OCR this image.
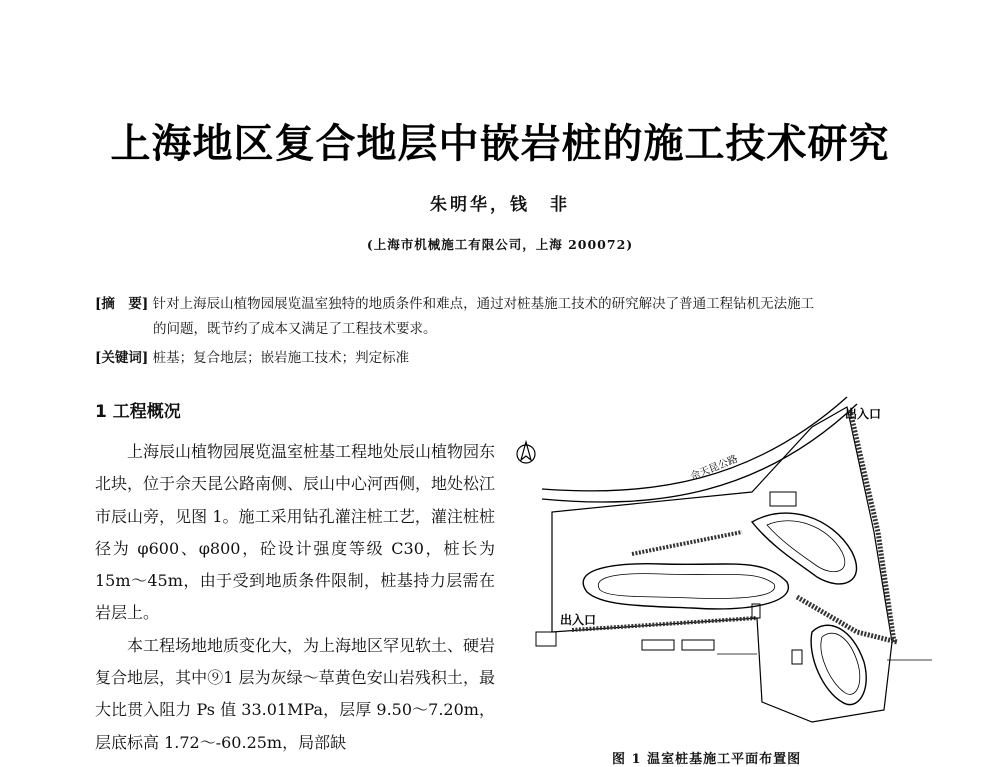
上海地区复合地层中嵌岩桩的施工技术研究
朱明华，钱　非
(上海市机械施工有限公司，上海 200072)
[摘　要] 针对上海辰山植物园展览温室独特的地质条件和难点，通过对桩基施工技术的研究解决了普通工程钻机无法施工
的问题，既节约了成本又满足了工程技术要求。
[关键词] 桩基；复合地层；嵌岩施工技术；判定标准
1 工程概况

上海辰山植物园展览温室桩基工程地处辰山植物园东北块，位于佘天昆公路南侧、辰山中心河西侧，地处松江市辰山旁，见图 1。施工采用钻孔灌注桩工艺，灌注桩桩径为 φ600、φ800，砼设计强度等级 C30，桩长为 15m～45m，由于受到地质条件限制，桩基持力层需在岩层上。

本工程场地地质变化大，为上海地区罕见软土、硬岩复合地层，其中⑨1 层为灰绿～草黄色安山岩残积土，最大比贯入阻力 Ps 值 33.01MPa，层厚 9.50～7.20m，层底标高 1.72～-60.25m，局部缺

佘天昆公路
出入口
出入口
图 1 温室桩基施工平面布置图
